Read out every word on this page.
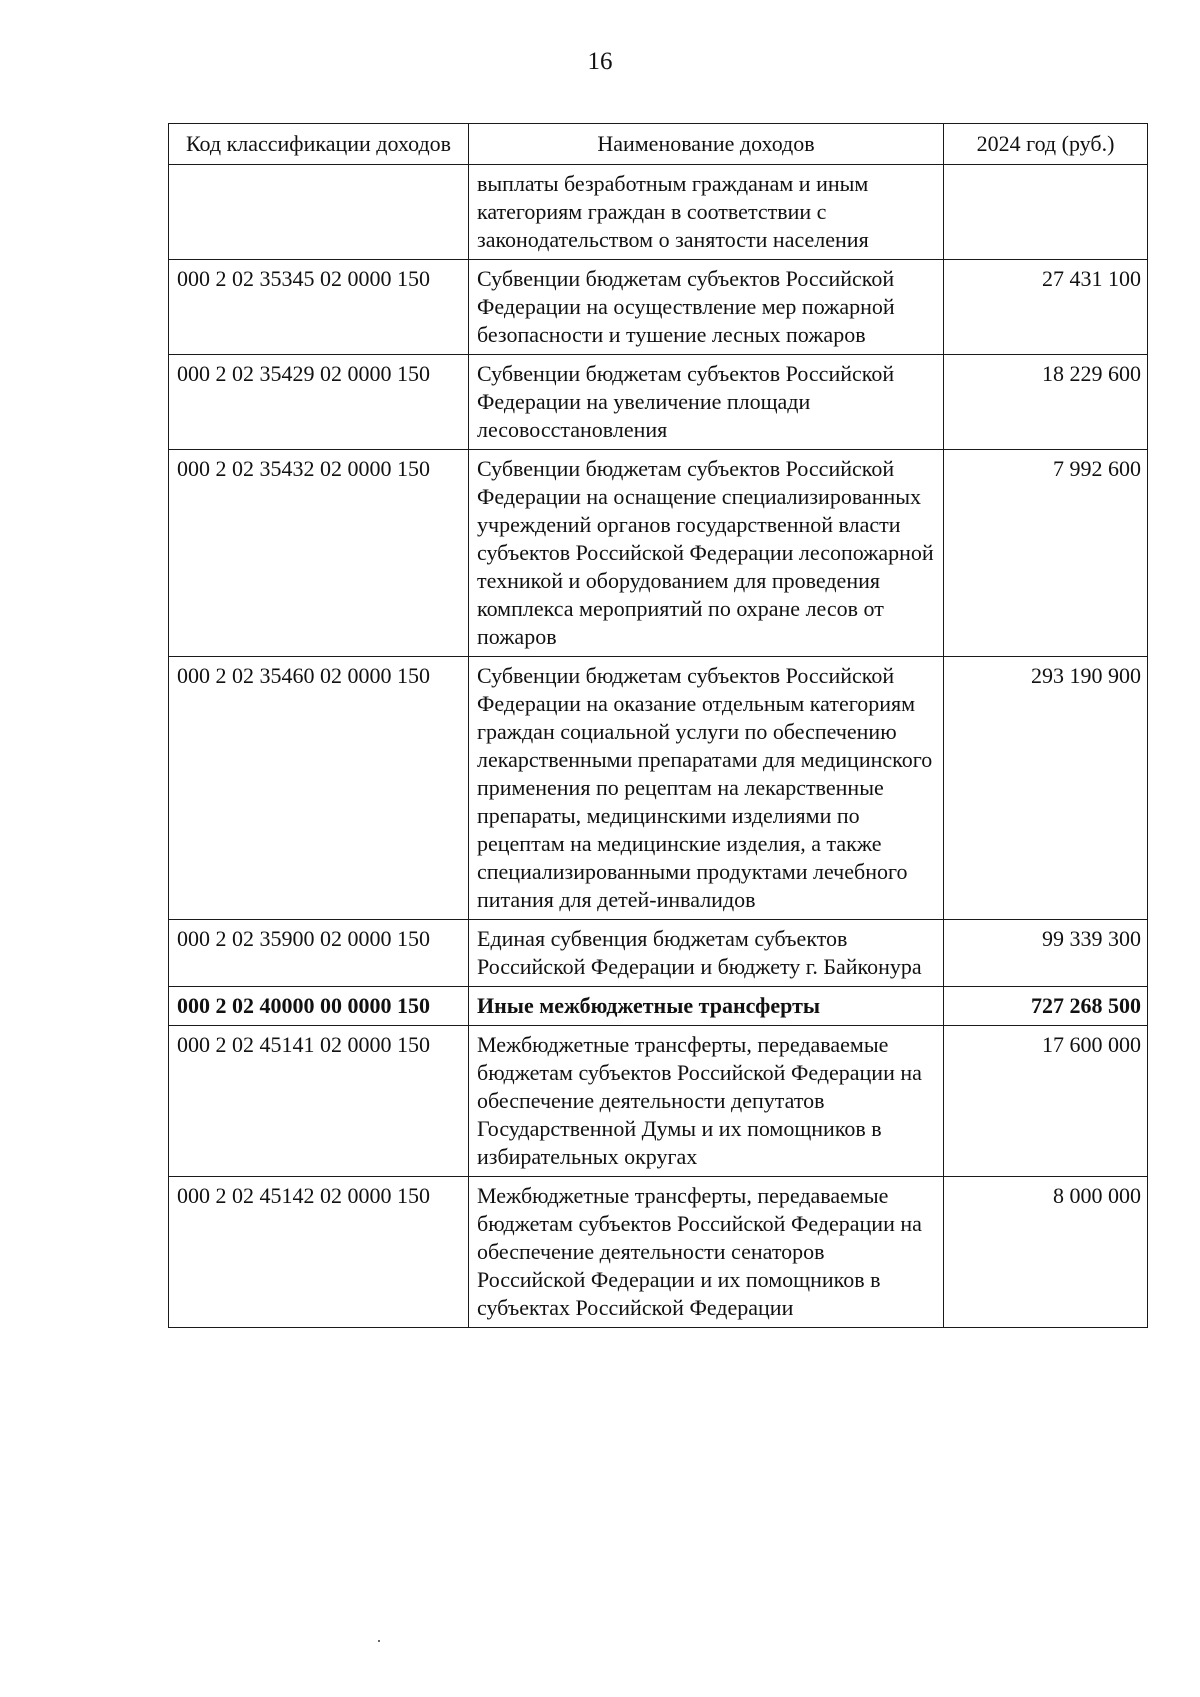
16
Код классификации доходов	Наименование доходов	2024 год (руб.)
	выплаты безработным гражданам и иным категориям граждан в соответствии с законодательством о занятости населения	
000 2 02 35345 02 0000 150	Субвенции бюджетам субъектов Российской Федерации на осуществление мер пожарной безопасности и тушение лесных пожаров	27 431 100
000 2 02 35429 02 0000 150	Субвенции бюджетам субъектов Российской Федерации на увеличение площади лесовосстановления	18 229 600
000 2 02 35432 02 0000 150	Субвенции бюджетам субъектов Российской Федерации на оснащение специализированных учреждений органов государственной власти субъектов Российской Федерации лесопожарной техникой и оборудованием для проведения комплекса мероприятий по охране лесов от пожаров	7 992 600
000 2 02 35460 02 0000 150	Субвенции бюджетам субъектов Российской Федерации на оказание отдельным категориям граждан социальной услуги по обеспечению лекарственными препаратами для медицинского применения по рецептам на лекарственные препараты, медицинскими изделиями по рецептам на медицинские изделия, а также специализированными продуктами лечебного питания для детей-инвалидов	293 190 900
000 2 02 35900 02 0000 150	Единая субвенция бюджетам субъектов Российской Федерации и бюджету г. Байконура	99 339 300
000 2 02 40000 00 0000 150	Иные межбюджетные трансферты	727 268 500
000 2 02 45141 02 0000 150	Межбюджетные трансферты, передаваемые бюджетам субъектов Российской Федерации на обеспечение деятельности депутатов Государственной Думы и их помощников в избирательных округах	17 600 000
000 2 02 45142 02 0000 150	Межбюджетные трансферты, передаваемые бюджетам субъектов Российской Федерации на обеспечение деятельности сенаторов Российской Федерации и их помощников в субъектах Российской Федерации	8 000 000
